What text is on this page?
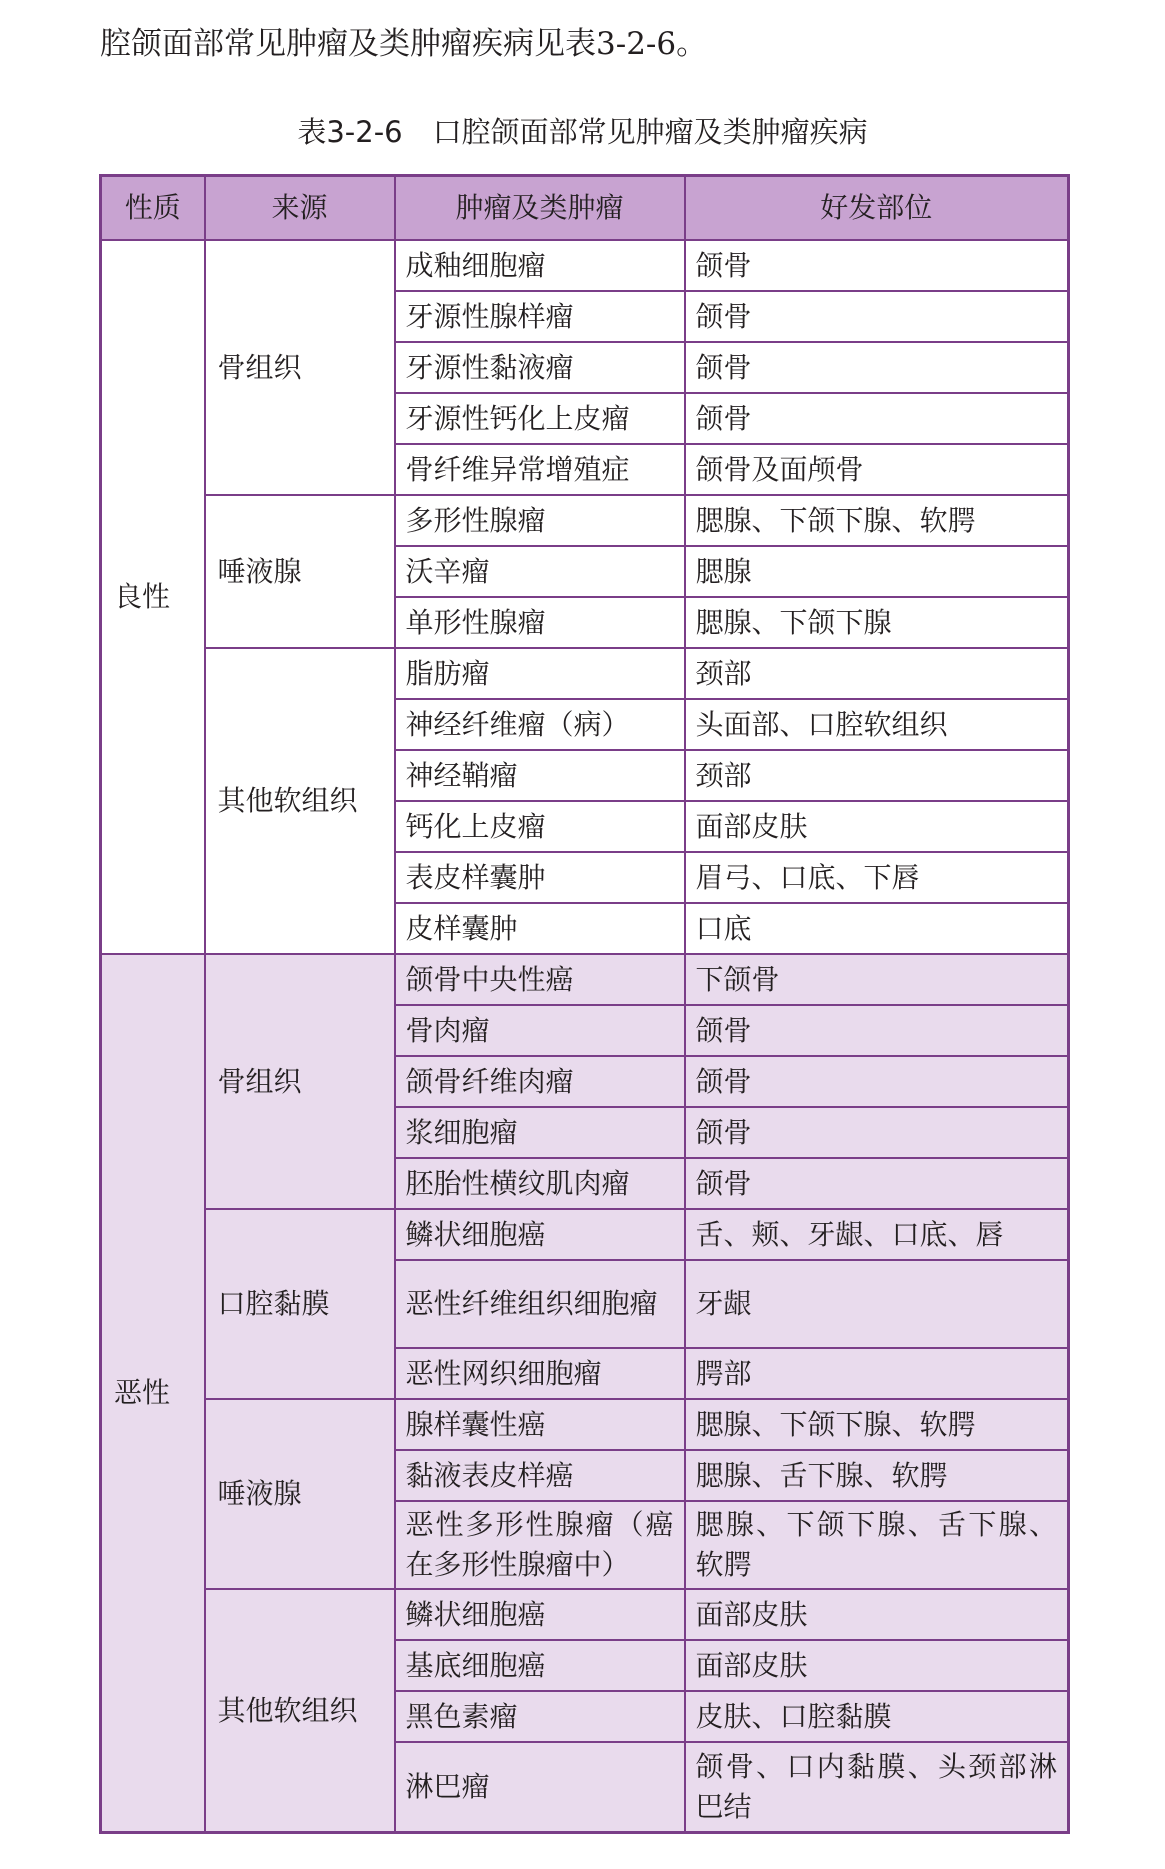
腔颌面部常见肿瘤及类肿瘤疾病见表3-2-6。
表3-2-6 口腔颌面部常见肿瘤及类肿瘤疾病
性质	来源	肿瘤及类肿瘤	好发部位
良性	骨组织	成釉细胞瘤	颌骨
		牙源性腺样瘤	颌骨
		牙源性黏液瘤	颌骨
		牙源性钙化上皮瘤	颌骨
		骨纤维异常增殖症	颌骨及面颅骨
	唾液腺	多形性腺瘤	腮腺、下颌下腺、软腭
		沃辛瘤	腮腺
		单形性腺瘤	腮腺、下颌下腺
	其他软组织	脂肪瘤	颈部
		神经纤维瘤（病）	头面部、口腔软组织
		神经鞘瘤	颈部
		钙化上皮瘤	面部皮肤
		表皮样囊肿	眉弓、口底、下唇
		皮样囊肿	口底
恶性	骨组织	颌骨中央性癌	下颌骨
		骨肉瘤	颌骨
		颌骨纤维肉瘤	颌骨
		浆细胞瘤	颌骨
		胚胎性横纹肌肉瘤	颌骨
	口腔黏膜	鳞状细胞癌	舌、颊、牙龈、口底、唇
		恶性纤维组织细胞瘤	牙龈
		恶性网织细胞瘤	腭部
	唾液腺	腺样囊性癌	腮腺、下颌下腺、软腭
		黏液表皮样癌	腮腺、舌下腺、软腭
		恶性多形性腺瘤（癌在多形性腺瘤中）	腮腺、下颌下腺、舌下腺、软腭
	其他软组织	鳞状细胞癌	面部皮肤
		基底细胞癌	面部皮肤
		黑色素瘤	皮肤、口腔黏膜
		淋巴瘤	颌骨、口内黏膜、头颈部淋巴结
